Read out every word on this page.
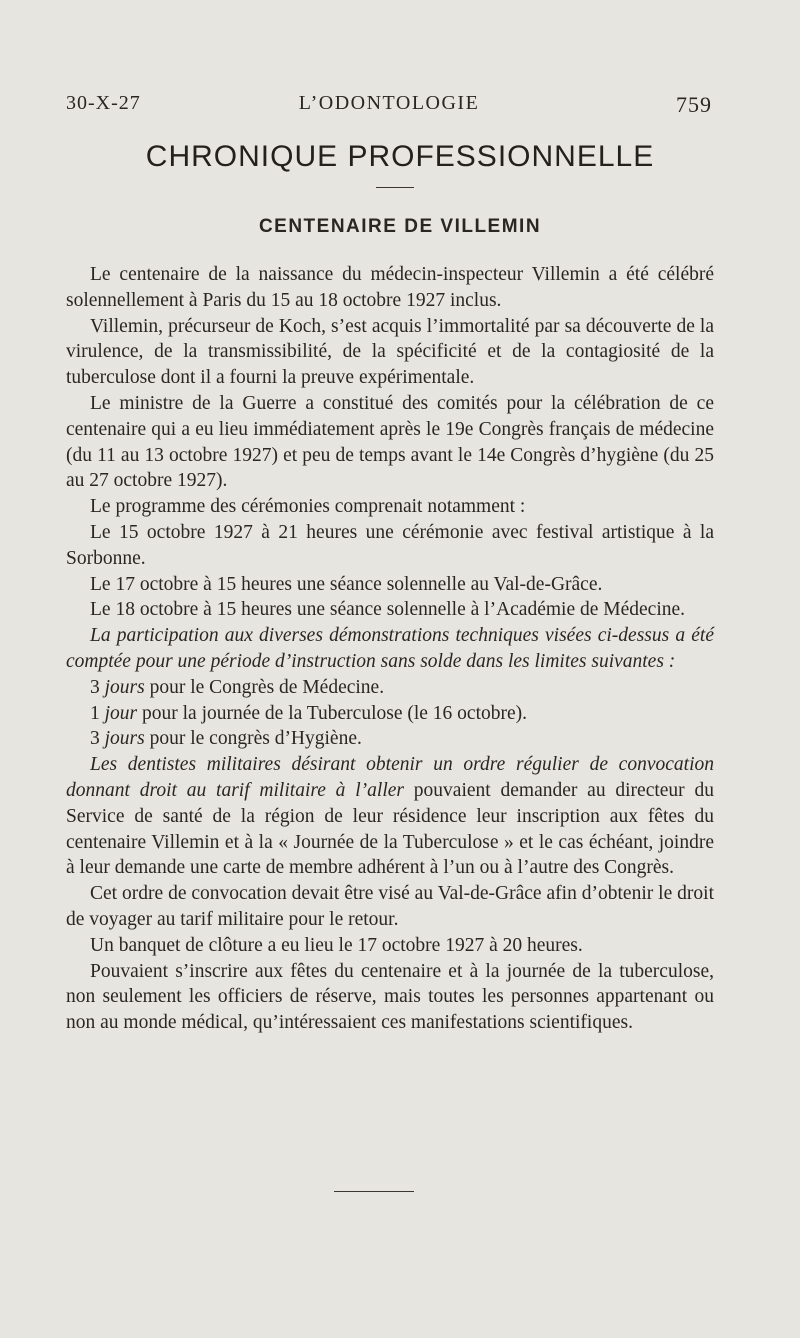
30-X-27	L’ODONTOLOGIE	759
CHRONIQUE PROFESSIONNELLE
CENTENAIRE DE VILLEMIN

Le centenaire de la naissance du médecin-inspecteur Villemin a été célébré solennellement à Paris du 15 au 18 octobre 1927 inclus.

Villemin, précurseur de Koch, s’est acquis l’immortalité par sa découverte de la virulence, de la transmissibilité, de la spécificité et de la contagiosité de la tuberculose dont il a fourni la preuve expérimentale.

Le ministre de la Guerre a constitué des comités pour la célébration de ce centenaire qui a eu lieu immédiatement après le 19e Congrès français de médecine (du 11 au 13 octobre 1927) et peu de temps avant le 14e Congrès d’hygiène (du 25 au 27 octobre 1927).

Le programme des cérémonies comprenait notamment :

Le 15 octobre 1927 à 21 heures une cérémonie avec festival artistique à la Sorbonne.

Le 17 octobre à 15 heures une séance solennelle au Val-de-Grâce.

Le 18 octobre à 15 heures une séance solennelle à l’Académie de Médecine.

La participation aux diverses démonstrations techniques visées ci-dessus a été comptée pour une période d’instruction sans solde dans les limites suivantes :

3 jours pour le Congrès de Médecine.

1 jour pour la journée de la Tuberculose (le 16 octobre).

3 jours pour le congrès d’Hygiène.

Les dentistes militaires désirant obtenir un ordre régulier de convocation donnant droit au tarif militaire à l’aller pouvaient demander au directeur du Service de santé de la région de leur résidence leur inscription aux fêtes du centenaire Villemin et à la « Journée de la Tuberculose » et le cas échéant, joindre à leur demande une carte de membre adhérent à l’un ou à l’autre des Congrès.

Cet ordre de convocation devait être visé au Val-de-Grâce afin d’obtenir le droit de voyager au tarif militaire pour le retour.

Un banquet de clôture a eu lieu le 17 octobre 1927 à 20 heures.

Pouvaient s’inscrire aux fêtes du centenaire et à la journée de la tuberculose, non seulement les officiers de réserve, mais toutes les personnes appartenant ou non au monde médical, qu’intéressaient ces manifestations scientifiques.
